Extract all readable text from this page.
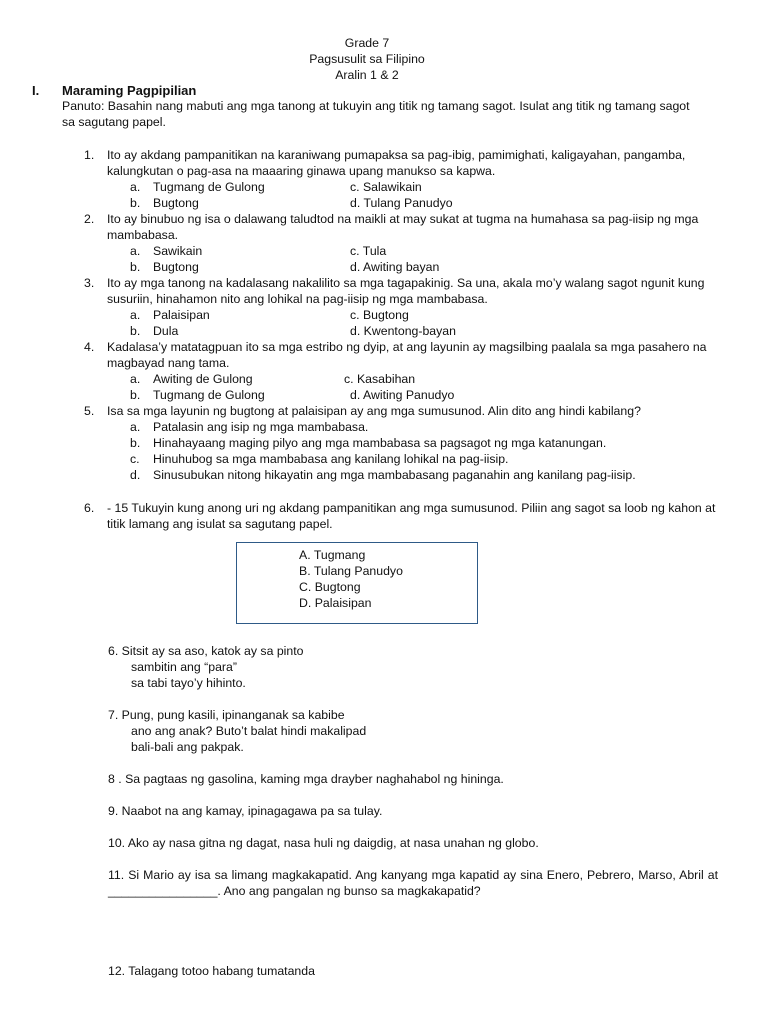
Grade 7
Pagsusulit sa Filipino
Aralin 1 & 2
I. Maraming Pagpipilian
Panuto: Basahin nang mabuti ang mga tanong at tukuyin ang titik ng tamang sagot. Isulat ang titik ng tamang sagot sa sagutang papel.
1.	Ito ay akdang pampanitikan na karaniwang pumapaksa sa pag-ibig, pamimighati, kaligayahan, pangamba, kalungkutan o pag-asa na maaaring ginawa upang manukso sa kapwa.
a.	Tugmang de Gulong	c. Salawikain
b.	Bugtong	d. Tulang Panudyo
2.	Ito ay binubuo ng isa o dalawang taludtod na maikli at may sukat at tugma na humahasa sa pag-iisip ng mga mambabasa.
a.	Sawikain	c. Tula
b.	Bugtong	d. Awiting bayan
3.	Ito ay mga tanong na kadalasang nakalilito sa mga tagapakinig. Sa una, akala mo’y walang sagot ngunit kung susuriin, hinahamon nito ang lohikal na pag-iisip ng mga mambabasa.
a.	Palaisipan	c. Bugtong
b.	Dula	d. Kwentong-bayan
4.	Kadalasa’y matatagpuan ito sa mga estribo ng dyip, at ang layunin ay magsilbing paalala sa mga pasahero na magbayad nang tama.
a.	Awiting de Gulong	c. Kasabihan
b.	Tugmang de Gulong	d. Awiting Panudyo
5.	Isa sa mga layunin ng bugtong at palaisipan ay ang mga sumusunod. Alin dito ang hindi kabilang?
a.	Patalasin ang isip ng mga mambabasa.
b.	Hinahayaang maging pilyo ang mga mambabasa sa pagsagot ng mga katanungan.
c.	Hinuhubog sa mga mambabasa ang kanilang lohikal na pag-iisip.
d.	Sinusubukan nitong hikayatin ang mga mambabasang paganahin ang kanilang pag-iisip.
6.	- 15 Tukuyin kung anong uri ng akdang pampanitikan ang mga sumusunod. Piliin ang sagot sa loob ng kahon at titik lamang ang isulat sa sagutang papel.
A. Tugmang
B. Tulang Panudyo
C. Bugtong
D. Palaisipan
6. Sitsit ay sa aso, katok ay sa pinto
sambitin ang “para”
sa tabi tayo’y hihinto.
7. Pung, pung kasili, ipinanganak sa kabibe
ano ang anak? Buto’t balat hindi makalipad
bali-bali ang pakpak.
8 . Sa pagtaas ng gasolina, kaming mga drayber naghahabol ng hininga.
9. Naabot na ang kamay, ipinagagawa pa sa tulay.
10. Ako ay nasa gitna ng dagat, nasa huli ng daigdig, at nasa unahan ng globo.
11. Si Mario ay isa sa limang magkakapatid. Ang kanyang mga kapatid ay sina Enero, Pebrero, Marso, Abril at ________________. Ano ang pangalan ng bunso sa magkakapatid?
12. Talagang totoo habang tumatanda
